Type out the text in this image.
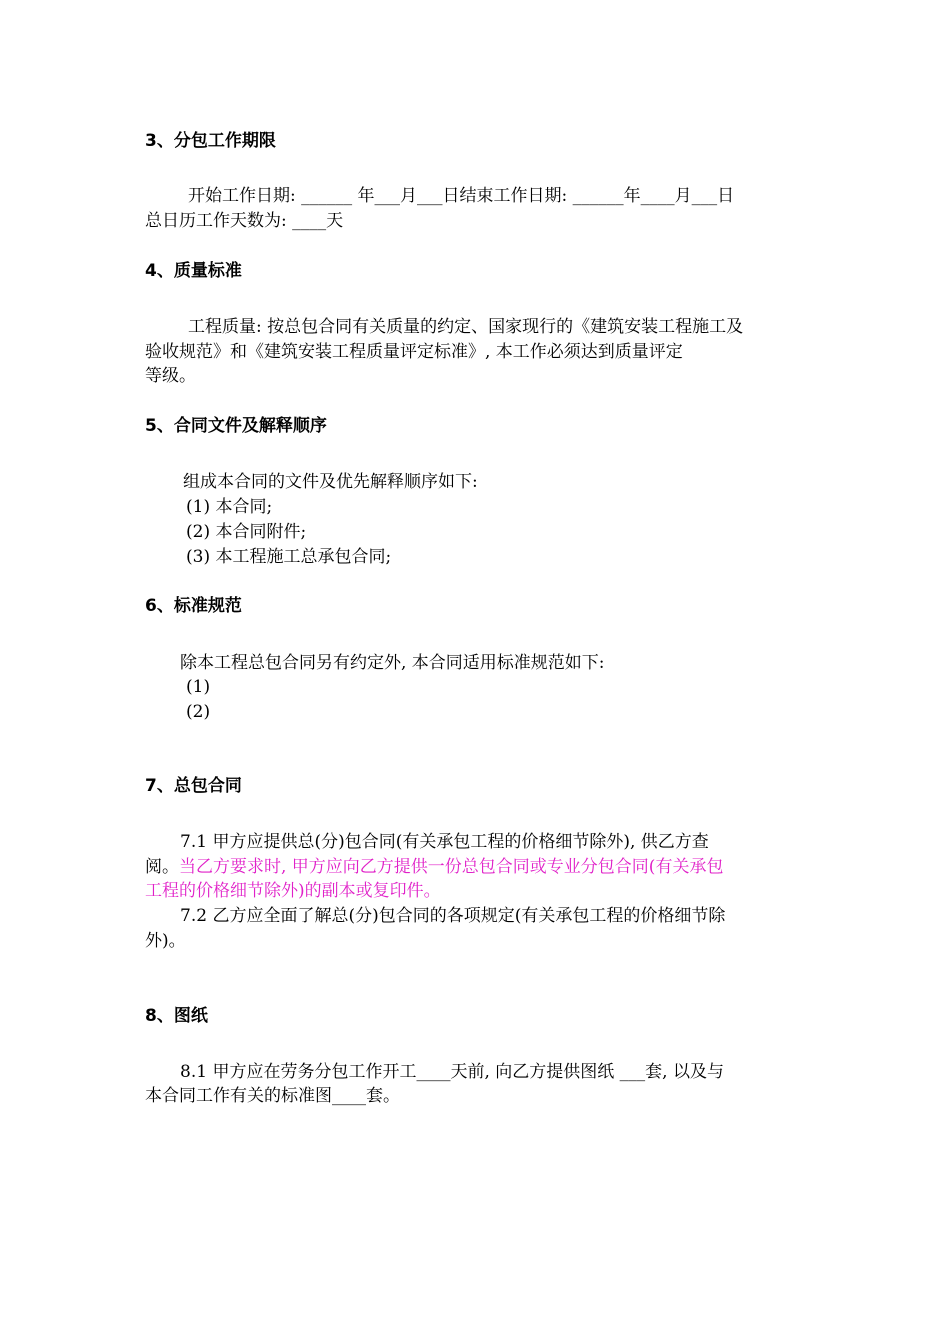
3、分包工作期限
开始工作日期: ______ 年___月___日结束工作日期: ______年____月___日
总日历工作天数为: ____天
4、质量标准
工程质量: 按总包合同有关质量的约定、国家现行的《建筑安装工程施工及
验收规范》和《建筑安装工程质量评定标准》, 本工作必须达到质量评定
等级。
5、合同文件及解释顺序
组成本合同的文件及优先解释顺序如下:
(1) 本合同;
(2) 本合同附件;
(3) 本工程施工总承包合同;
6、标准规范
除本工程总包合同另有约定外, 本合同适用标准规范如下:
(1)
(2)
7、总包合同
7.1 甲方应提供总(分)包合同(有关承包工程的价格细节除外), 供乙方查
阅。当乙方要求时, 甲方应向乙方提供一份总包合同或专业分包合同(有关承包
工程的价格细节除外)的副本或复印件。
7.2 乙方应全面了解总(分)包合同的各项规定(有关承包工程的价格细节除
外)。
8、图纸
8.1 甲方应在劳务分包工作开工____天前, 向乙方提供图纸 ___套, 以及与
本合同工作有关的标准图____套。
